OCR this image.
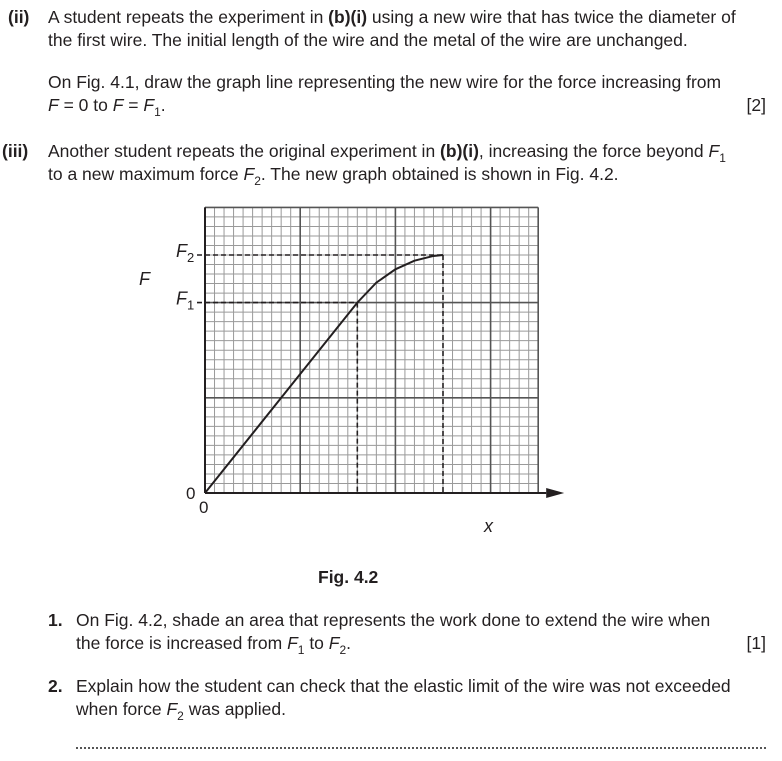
(ii) A student repeats the experiment in (b)(i) using a new wire that has twice the diameter of
the first wire. The initial length of the wire and the metal of the wire are unchanged.
On Fig. 4.1, draw the graph line representing the new wire for the force increasing from
F = 0 to $F = F_1$.	[2]
(iii) Another student repeats the original experiment in (b)(i), increasing the force beyond $F_1$
to a new maximum force $F_2$. The new graph obtained is shown in Fig. 4.2.
F
x
0
0
$F_2$
$F_1$
Fig. 4.2
1. On Fig. 4.2, shade an area that represents the work done to extend the wire when
the force is increased from $F_1$ to $F_2$.	[1]
2. Explain how the student can check that the elastic limit of the wire was not exceeded
when force $F_2$ was applied.
